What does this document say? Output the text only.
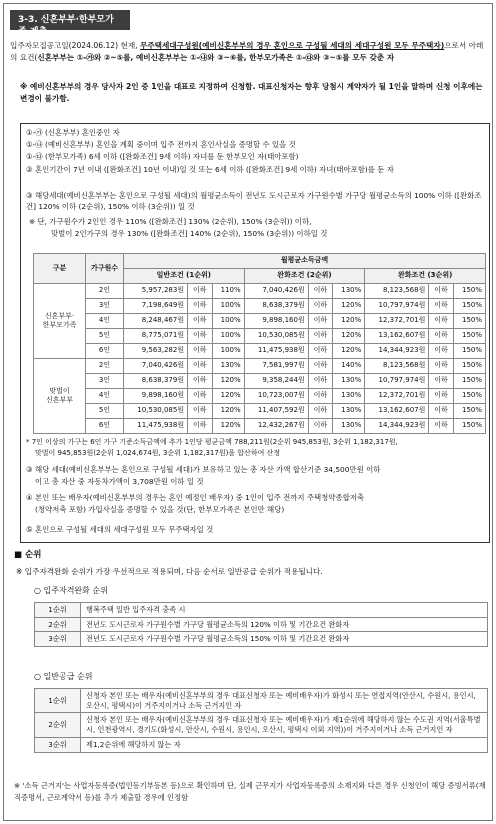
3-3. 신혼부부·한부모가족 계층
입주자모집공고일(2024.06.12) 현재, 무주택세대구성원(예비신혼부부의 경우 혼인으로 구성될 세대의 세대구성원 모두 무주택자)으로서 아래의 요건(신혼부부는 ①-㉮와 ②~⑤를, 예비신혼부부는 ①-㉯와 ③~⑥를, 한부모가족은 ①-㉰와 ③~⑤를 모두 갖춘 자
※ 예비신혼부부의 경우 당사자 2인 중 1인을 대표로 지정하여 신청함. 대표신청자는 향후 당첨시 계약자가 될 1인을 말하며 신청 이후에는 변경이 불가함.
①-㉮ (신혼부부) 혼인중인 자
①-㉯ (예비신혼부부) 혼인을 계획 중이며 입주 전까지 혼인사실을 증명할 수 있을 것
①-㉰ (한부모가족) 6세 이하 ([완화조건] 9세 이하) 자녀를 둔 한부모인 자(태아포함)
② 혼인기간이 7년 이내 ([완화조건] 10년 이내)일 것 또는 6세 이하 ([완화조건] 9세 이하) 자녀(태아포함)를 둔 자
③ 해당세대(예비신혼부부는 혼인으로 구성될 세대)의 월평균소득이 전년도 도시근로자 가구원수별 가구당 월평균소득의 100% 이하 ([완화조건] 120% 이하 (2순위), 150% 이하 (3순위)) 일 것
※ 단, 가구원수가 2인인 경우 110% ([완화조건] 130% (2순위), 150% (3순위)) 이하,
맞벌이 2인가구의 경우 130% ([완화조건] 140% (2순위), 150% (3순위)) 이하일 것
구분	가구원수	월평균소득금액								
		일반조건 (1순위)			완화조건 (2순위)			완화조건 (3순위)		
신혼부부·
한부모가족	2인	5,957,283원	이하	110%	7,040,426원	이하	130%	8,123,568원	이하	150%
	3인	7,198,649원	이하	100%	8,638,379원	이하	120%	10,797,974원	이하	150%
	4인	8,248,467원	이하	100%	9,898,160원	이하	120%	12,372,701원	이하	150%
	5인	8,775,071원	이하	100%	10,530,085원	이하	120%	13,162,607원	이하	150%
	6인	9,563,282원	이하	100%	11,475,938원	이하	120%	14,344,923원	이하	150%
맞벌이
신혼부부	2인	7,040,426원	이하	130%	7,581,997원	이하	140%	8,123,568원	이하	150%
	3인	8,638,379원	이하	120%	9,358,244원	이하	130%	10,797,974원	이하	150%
	4인	9,898,160원	이하	120%	10,723,007원	이하	130%	12,372,701원	이하	150%
	5인	10,530,085원	이하	120%	11,407,592원	이하	130%	13,162,607원	이하	150%
	6인	11,475,938원	이하	120%	12,432,267원	이하	130%	14,344,923원	이하	150%
* 7인 이상의 가구는 6인 가구 기준소득금액에 추가 1인당 평균금액 788,211원(2순위 945,853원, 3순위 1,182,317원,
맞벌이 945,853원(2순위 1,024,674원, 3순위 1,182,317원)을 합산하여 산정
③ 해당 세대(예비신혼부부는 혼인으로 구성될 세대)가 보유하고 있는 총 자산 가액 합산기준 34,500만원 이하
이고 총 자산 중 자동차가액이 3,708만원 이하 일 것
④ 본인 또는 배우자(예비신혼부부의 경우는 혼인 예정인 배우자) 중 1인이 입주 전까지 주택청약종합저축
(청약저축 포함) 가입사실을 증명할 수 있을 것(단, 한부모가족은 본인만 해당)
⑤ 혼인으로 구성될 세대의 세대구성원 모두 무주택자일 것
■ 순위
※ 입주자격완화 순위가 가장 우선적으로 적용되며, 다음 순서로 일반공급 순위가 적용됩니다.
○ 입주자격완화 순위
1순위	행복주택 일반 입주자격 충족 시
2순위	전년도 도시근로자 가구원수별 가구당 월평균소득의 120% 이하 및 기간요건 완화자
3순위	전년도 도시근로자 가구원수별 가구당 월평균소득의 150% 이하 및 기간요건 완화자
○ 일반공급 순위
1순위	신청자 본인 또는 배우자(예비신혼부부의 경우 대표신청자 또는 예비배우자)가 화성시 또는 연접지역(안산시, 수원시, 용인시, 오산시, 평택시)이 거주지이거나 소득 근거지인 자
2순위	신청자 본인 또는 배우자(예비신혼부부의 경우 대표신청자 또는 예비배우자)가 제1순위에 해당하지 않는 수도권 지역(서울특별시, 인천광역시, 경기도(화성시, 안산시, 수원시, 용인시, 오산시, 평택시 이외 지역))이 거주지이거나 소득 근거지인 자
3순위	제1,2순위에 해당하지 않는 자
※ '소득 근거지'는 사업자등록증(법인등기부등본 등)으로 확인하며 단, 실제 근무지가 사업자등록증의 소재지와 다른 경우 신청인이 해당 증빙서류(재직증명서, 근로계약서 등)를 추가 제출할 경우에 인정함
